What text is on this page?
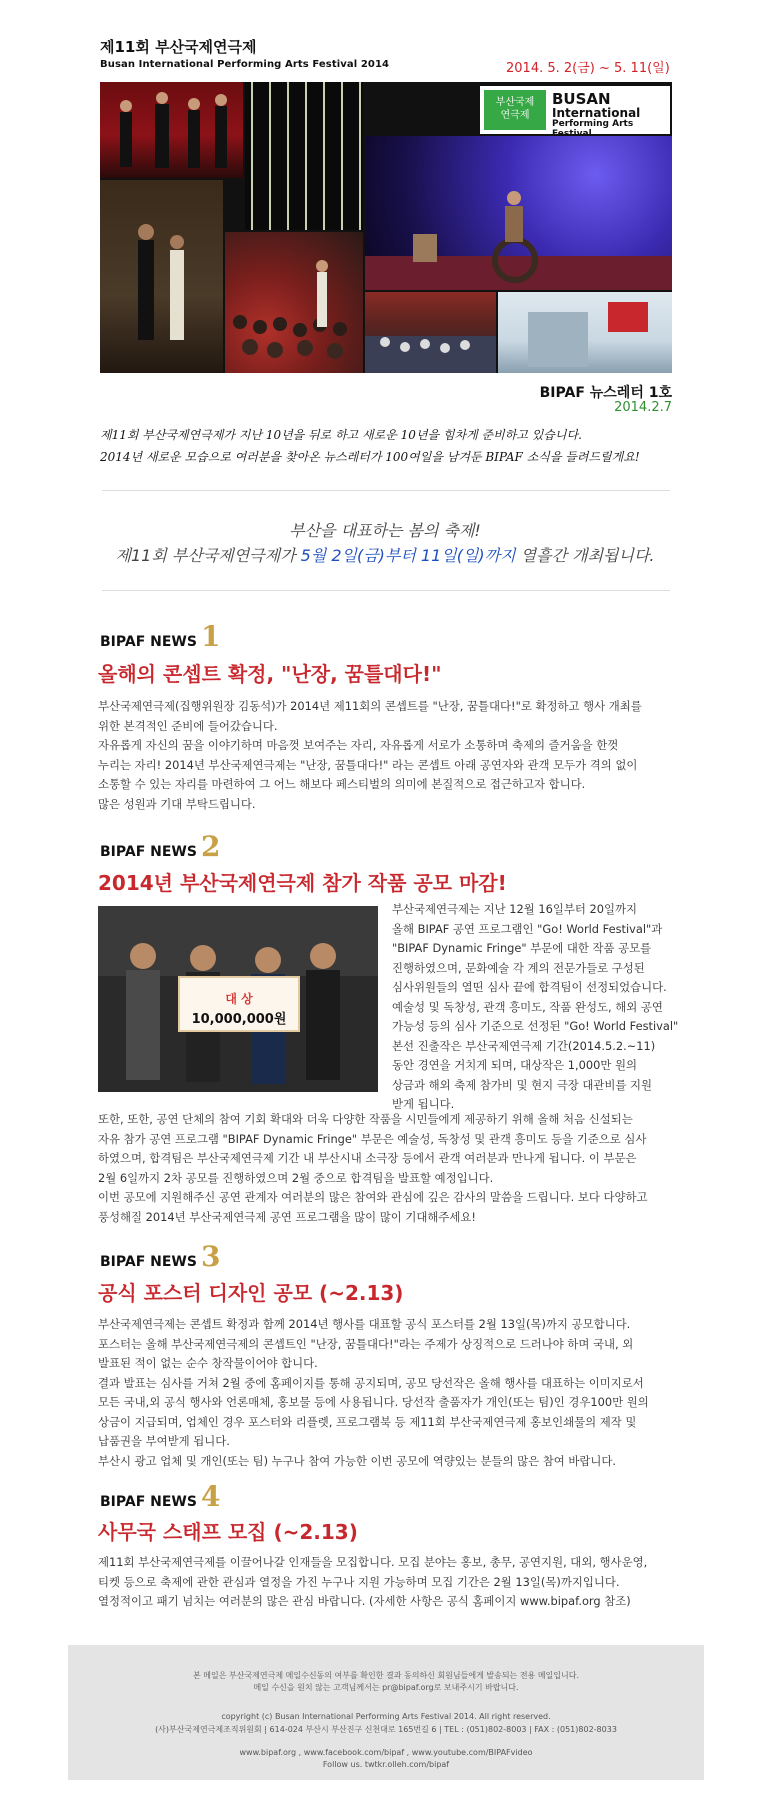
제11회 부산국제연극제
Busan International Performing Arts Festival 2014	2014. 5. 2(금) ~ 5. 11(일)
부산국제
연극제
BUSAN
International
Performing Arts Festival
BIPAF 뉴스레터 1호
2014.2.7
제11회 부산국제연극제가 지난 10년을 뒤로 하고 새로운 10년을 힘차게 준비하고 있습니다.
2014년 새로운 모습으로 여러분을 찾아온 뉴스레터가 100여일을 남겨둔 BIPAF 소식을 들려드릴게요!
부산을 대표하는 봄의 축제!
제11회 부산국제연극제가 5월 2일(금)부터 11일(일)까지 열흘간 개최됩니다.
BIPAF NEWS 1
올해의 콘셉트 확정, "난장, 꿈틀대다!"

부산국제연극제(집행위원장 김동석)가 2014년 제11회의 콘셉트를 "난장, 꿈틀대다!"로 확정하고 행사 개최를

위한 본격적인 준비에 들어갔습니다.

자유롭게 자신의 꿈을 이야기하며 마음껏 보여주는 자리, 자유롭게 서로가 소통하며 축제의 즐거움을 한껏

누리는 자리! 2014년 부산국제연극제는 "난장, 꿈틀대다!" 라는 콘셉트 아래 공연자와 관객 모두가 격의 없이

소통할 수 있는 자리를 마련하여 그 어느 해보다 페스티벌의 의미에 본질적으로 접근하고자 합니다.

많은 성원과 기대 부탁드립니다.

BIPAF NEWS 2
2014년 부산국제연극제 참가 작품 공모 마감!
대 상
10,000,000원

부산국제연극제는 지난 12월 16일부터 20일까지

올해 BIPAF 공연 프로그램인 "Go! World Festival"과

"BIPAF Dynamic Fringe" 부문에 대한 작품 공모를

진행하였으며, 문화예술 각 계의 전문가들로 구성된

심사위원들의 열띤 심사 끝에 합격팀이 선정되었습니다.

예술성 및 독창성, 관객 흥미도, 작품 완성도, 해외 공연

가능성 등의 심사 기준으로 선정된 "Go! World Festival"

본선 진출작은 부산국제연극제 기간(2014.5.2.~11)

동안 경연을 거치게 되며, 대상작은 1,000만 원의

상금과 해외 축제 참가비 및 현지 극장 대관비를 지원

받게 됩니다.

또한, 또한, 공연 단체의 참여 기회 확대와 더욱 다양한 작품을 시민들에게 제공하기 위해 올해 처음 신설되는

자유 참가 공연 프로그램 "BIPAF Dynamic Fringe" 부문은 예술성, 독창성 및 관객 흥미도 등을 기준으로 심사

하였으며, 합격팀은 부산국제연극제 기간 내 부산시내 소극장 등에서 관객 여러분과 만나게 됩니다. 이 부문은

2월 6일까지 2차 공모를 진행하였으며 2월 중으로 합격팀을 발표할 예정입니다.

이번 공모에 지원해주신 공연 관계자 여러분의 많은 참여와 관심에 깊은 감사의 말씀을 드립니다. 보다 다양하고

풍성해질 2014년 부산국제연극제 공연 프로그램을 많이 많이 기대해주세요!

BIPAF NEWS 3
공식 포스터 디자인 공모 (~2.13)

부산국제연극제는 콘셉트 확정과 함께 2014년 행사를 대표할 공식 포스터를 2월 13일(목)까지 공모합니다.

포스터는 올해 부산국제연극제의 콘셉트인 "난장, 꿈틀대다!"라는 주제가 상징적으로 드러나야 하며 국내, 외

발표된 적이 없는 순수 창작물이어야 합니다.

결과 발표는 심사를 거쳐 2월 중에 홈페이지를 통해 공지되며, 공모 당선작은 올해 행사를 대표하는 이미지로서

모든 국내,외 공식 행사와 언론매체, 홍보물 등에 사용됩니다. 당선작 출품자가 개인(또는 팀)인 경우100만 원의

상금이 지급되며, 업체인 경우 포스터와 리플렛, 프로그램북 등 제11회 부산국제연극제 홍보인쇄물의 제작 및

납품권을 부여받게 됩니다.

부산시 광고 업체 및 개인(또는 팀) 누구나 참여 가능한 이번 공모에 역량있는 분들의 많은 참여 바랍니다.

BIPAF NEWS 4
사무국 스태프 모집 (~2.13)

제11회 부산국제연극제를 이끌어나갈 인재들을 모집합니다. 모집 분야는 홍보, 총무, 공연지원, 대외, 행사운영,

티켓 등으로 축제에 관한 관심과 열정을 가진 누구나 지원 가능하며 모집 기간은 2월 13일(목)까지입니다.

열정적이고 패기 넘치는 여러분의 많은 관심 바랍니다. (자세한 사항은 공식 홈페이지 www.bipaf.org 참조)

본 메일은 부산국제연극제 메일수신동의 여부를 확인한 결과 동의하신 회원님들에게 발송되는 전용 메일입니다.

메일 수신을 원치 않는 고객님께서는 pr@bipaf.org로 보내주시기 바랍니다.

copyright (c) Busan International Performing Arts Festival 2014. All right reserved.

(사)부산국제연극제조직위원회 | 614-024 부산시 부산진구 신천대로 165번길 6 | TEL : (051)802-8003 | FAX : (051)802-8033

www.bipaf.org , www.facebook.com/bipaf , www.youtube.com/BIPAFvideo

Follow us. twtkr.olleh.com/bipaf
